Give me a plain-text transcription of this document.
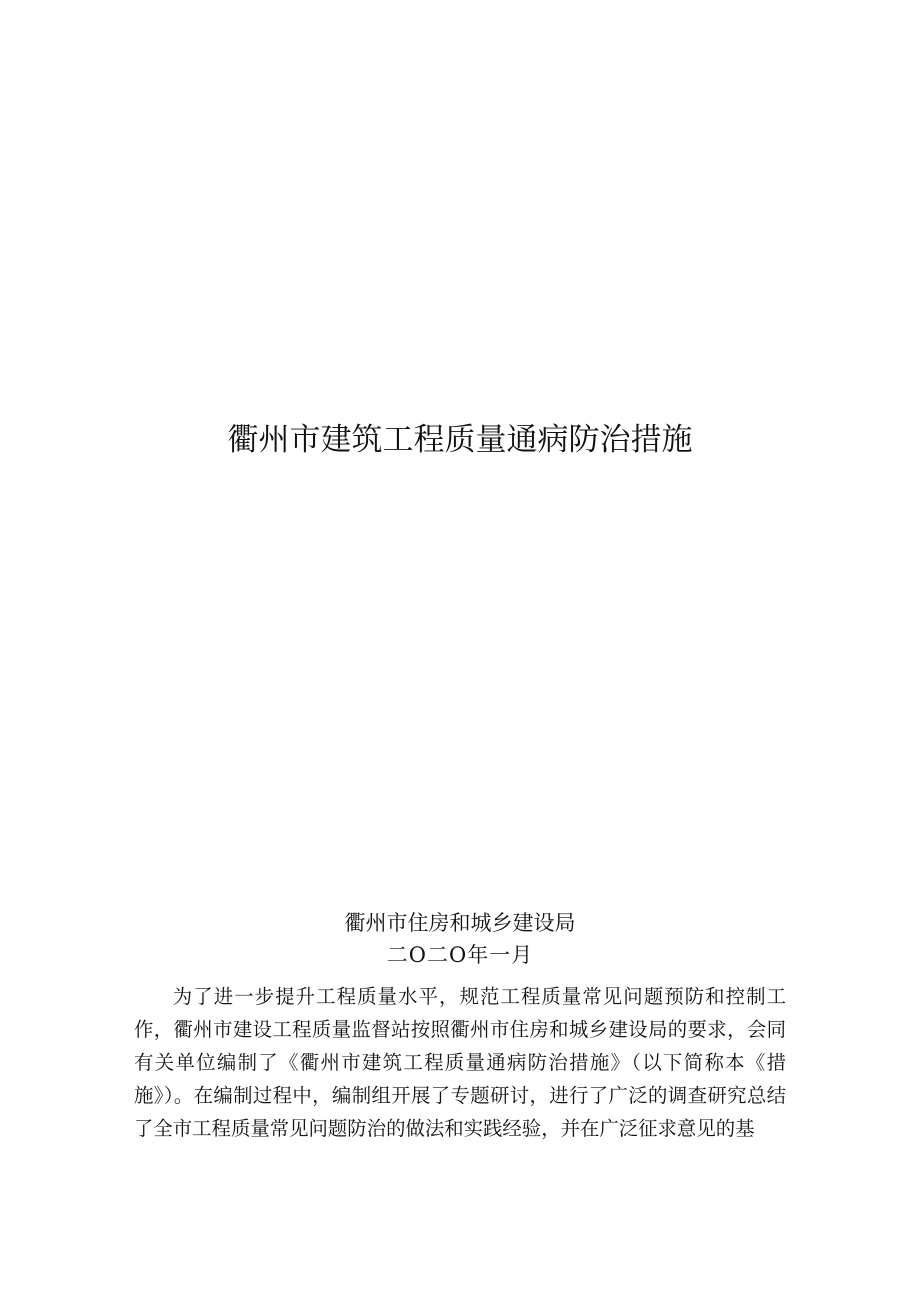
衢州市建筑工程质量通病防治措施
衢州市住房和城乡建设局
二O二O年一月

为了进一步提升工程质量水平，规范工程质量常见问题预防和控制工作，衢州市建设工程质量监督站按照衢州市住房和城乡建设局的要求，会同有关单位编制了《衢州市建筑工程质量通病防治措施》（以下简称本《措施》）。在编制过程中，编制组开展了专题研讨，进行了广泛的调查研究总结了全市工程质量常见问题防治的做法和实践经验，并在广泛征求意见的基
